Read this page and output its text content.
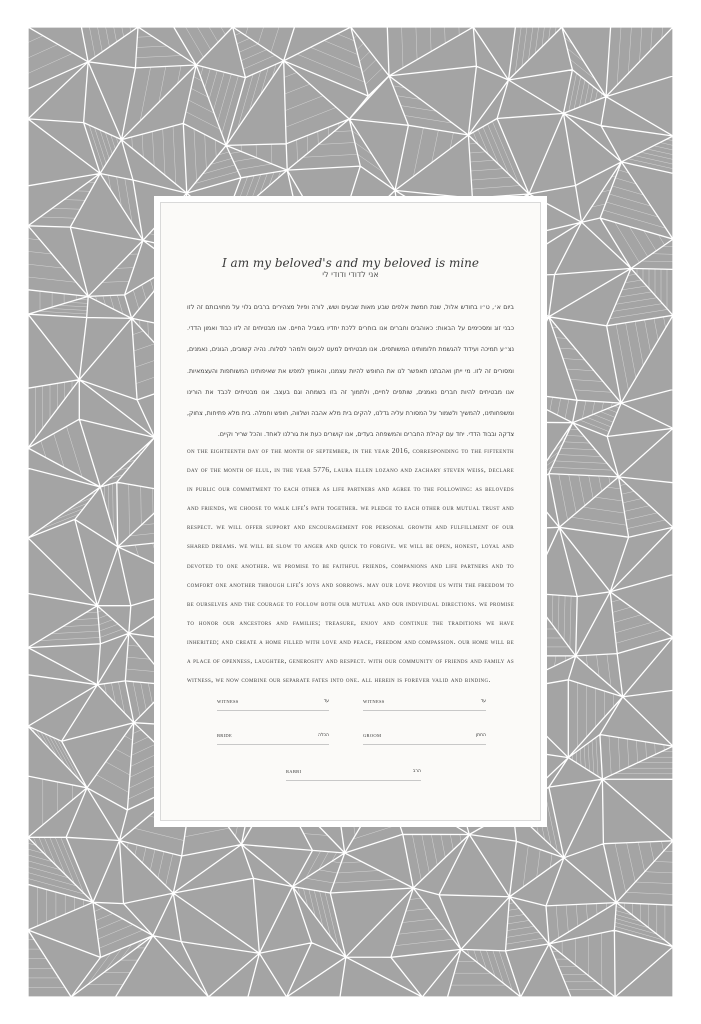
I am my beloved's and my beloved is mine
אני לדודי ודודי לי
ביום א׳, ט״ו בחודש אלול, שנת חמשת אלפים שבע מאות שבעים ושש, לורה ופיול מצהירים ברבים גלוי על מחויבותם זה לזו כבני זוג ומסכימים על הבאות: כאוהבים וחברים אנו בוחרים ללכת יחדיו בשביל החיים. אנו מבטיחים זה לזו כבוד ואמון הדדי. נצ״ע תמיכה ועידוד להגשמת חלומותינו המשותפים. אנו מבטיחים למעט לכעוס ולמהר לסלוח. נהיה קשובים, הגונים, נאמנים, ומסורים זה לזו. מי ייתן ואהבתנו תאפשר לנו את החופש להיות עצמנו, והאומץ למפש את שאיפותינו המשותפות והעצמאיות. אנו מבטיחים להיות חברים נאמנים, שותפים לחיים, ולתמוך זה בזו בשמחה וגם בעצב. אנו מבטיחים לכבד את הורינו ומשפחותינו, להמשיך ולשמור על המסורת עליה גדלנו, להקים בית מלא אהבה ושלווה, חופש וחמלה. בית מלא פתיחות, צחוק, צדקה ובבוד הדדי. יחד עם קהילת החברים והמשפחה בעדים, אנו קושרים כעת את גורלנו לאחד. והכל שריר וקיים.
on the eighteenth day of the month of september, in the year 2016, corresponding to the fifteenth day of the month of elul, in the year 5776, laura ellen lozano and zachary steven weiss, declare in public our commitment to each other as life partners and agree to the following: as beloveds and friends, we choose to walk life's path together. we pledge to each other our mutual trust and respect. we will offer support and encouragement for personal growth and fulfillment of our shared dreams. we will be slow to anger and quick to forgive. we will be open, honest, loyal and devoted to one another. we promise to be faithful friends, companions and life partners and to comfort one another through life's joys and sorrows. may our love provide us with the freedom to be ourselves and the courage to follow both our mutual and our individual directions. we promise to honor our ancestors and families; treasure, enjoy and continue the traditions we have inherited; and create a home filled with love and peace, freedom and compassion. our home will be a place of openness, laughter, generosity and respect. with our community of friends and family as witness, we now combine our separate fates into one. all herein is forever valid and binding.
WITNESS	עד	WITNESS	עד
BRIDE	הכלה	GROOM	החתן
RABBI	הרב
